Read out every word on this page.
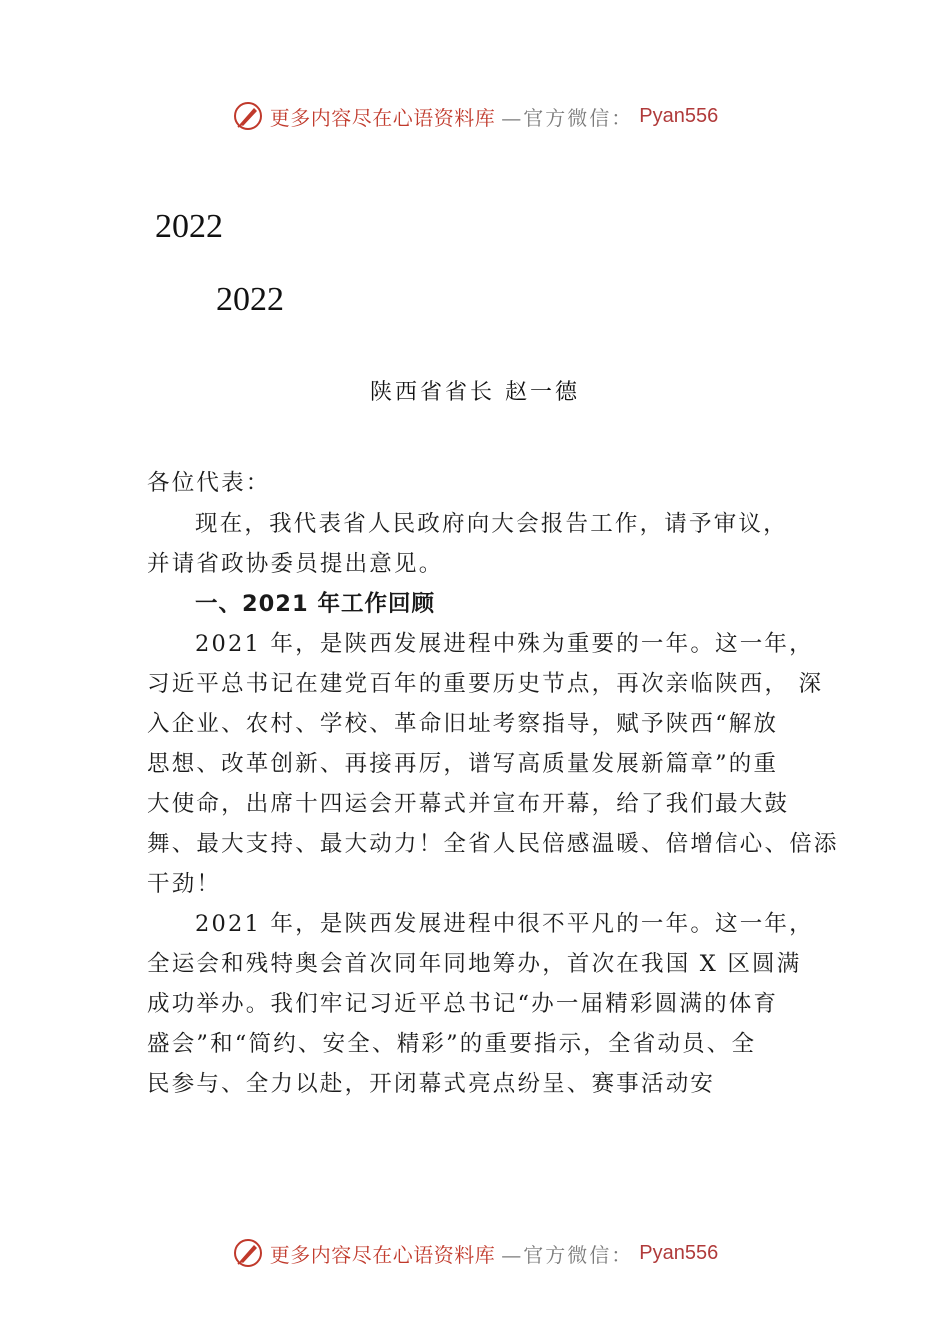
更多内容尽在心语资料库 —官方微信： Pyan556
2022
2022
陕西省省长 赵一德
各位代表：
现在，我代表省人民政府向大会报告工作，请予审议，
并请省政协委员提出意见。
一、2021 年工作回顾
2021 年，是陕西发展进程中殊为重要的一年。这一年，
习近平总书记在建党百年的重要历史节点，再次亲临陕西， 深
入企业、农村、学校、革命旧址考察指导，赋予陕西“解放
思想、改革创新、再接再厉，谱写高质量发展新篇章”的重
大使命，出席十四运会开幕式并宣布开幕，给了我们最大鼓
舞、最大支持、最大动力！全省人民倍感温暖、倍增信心、倍添
干劲！
2021 年，是陕西发展进程中很不平凡的一年。这一年，
全运会和残特奥会首次同年同地筹办，首次在我国 X 区圆满
成功举办。我们牢记习近平总书记“办一届精彩圆满的体育
盛会”和“简约、安全、精彩”的重要指示，全省动员、全
民参与、全力以赴，开闭幕式亮点纷呈、赛事活动安
更多内容尽在心语资料库 —官方微信： Pyan556
